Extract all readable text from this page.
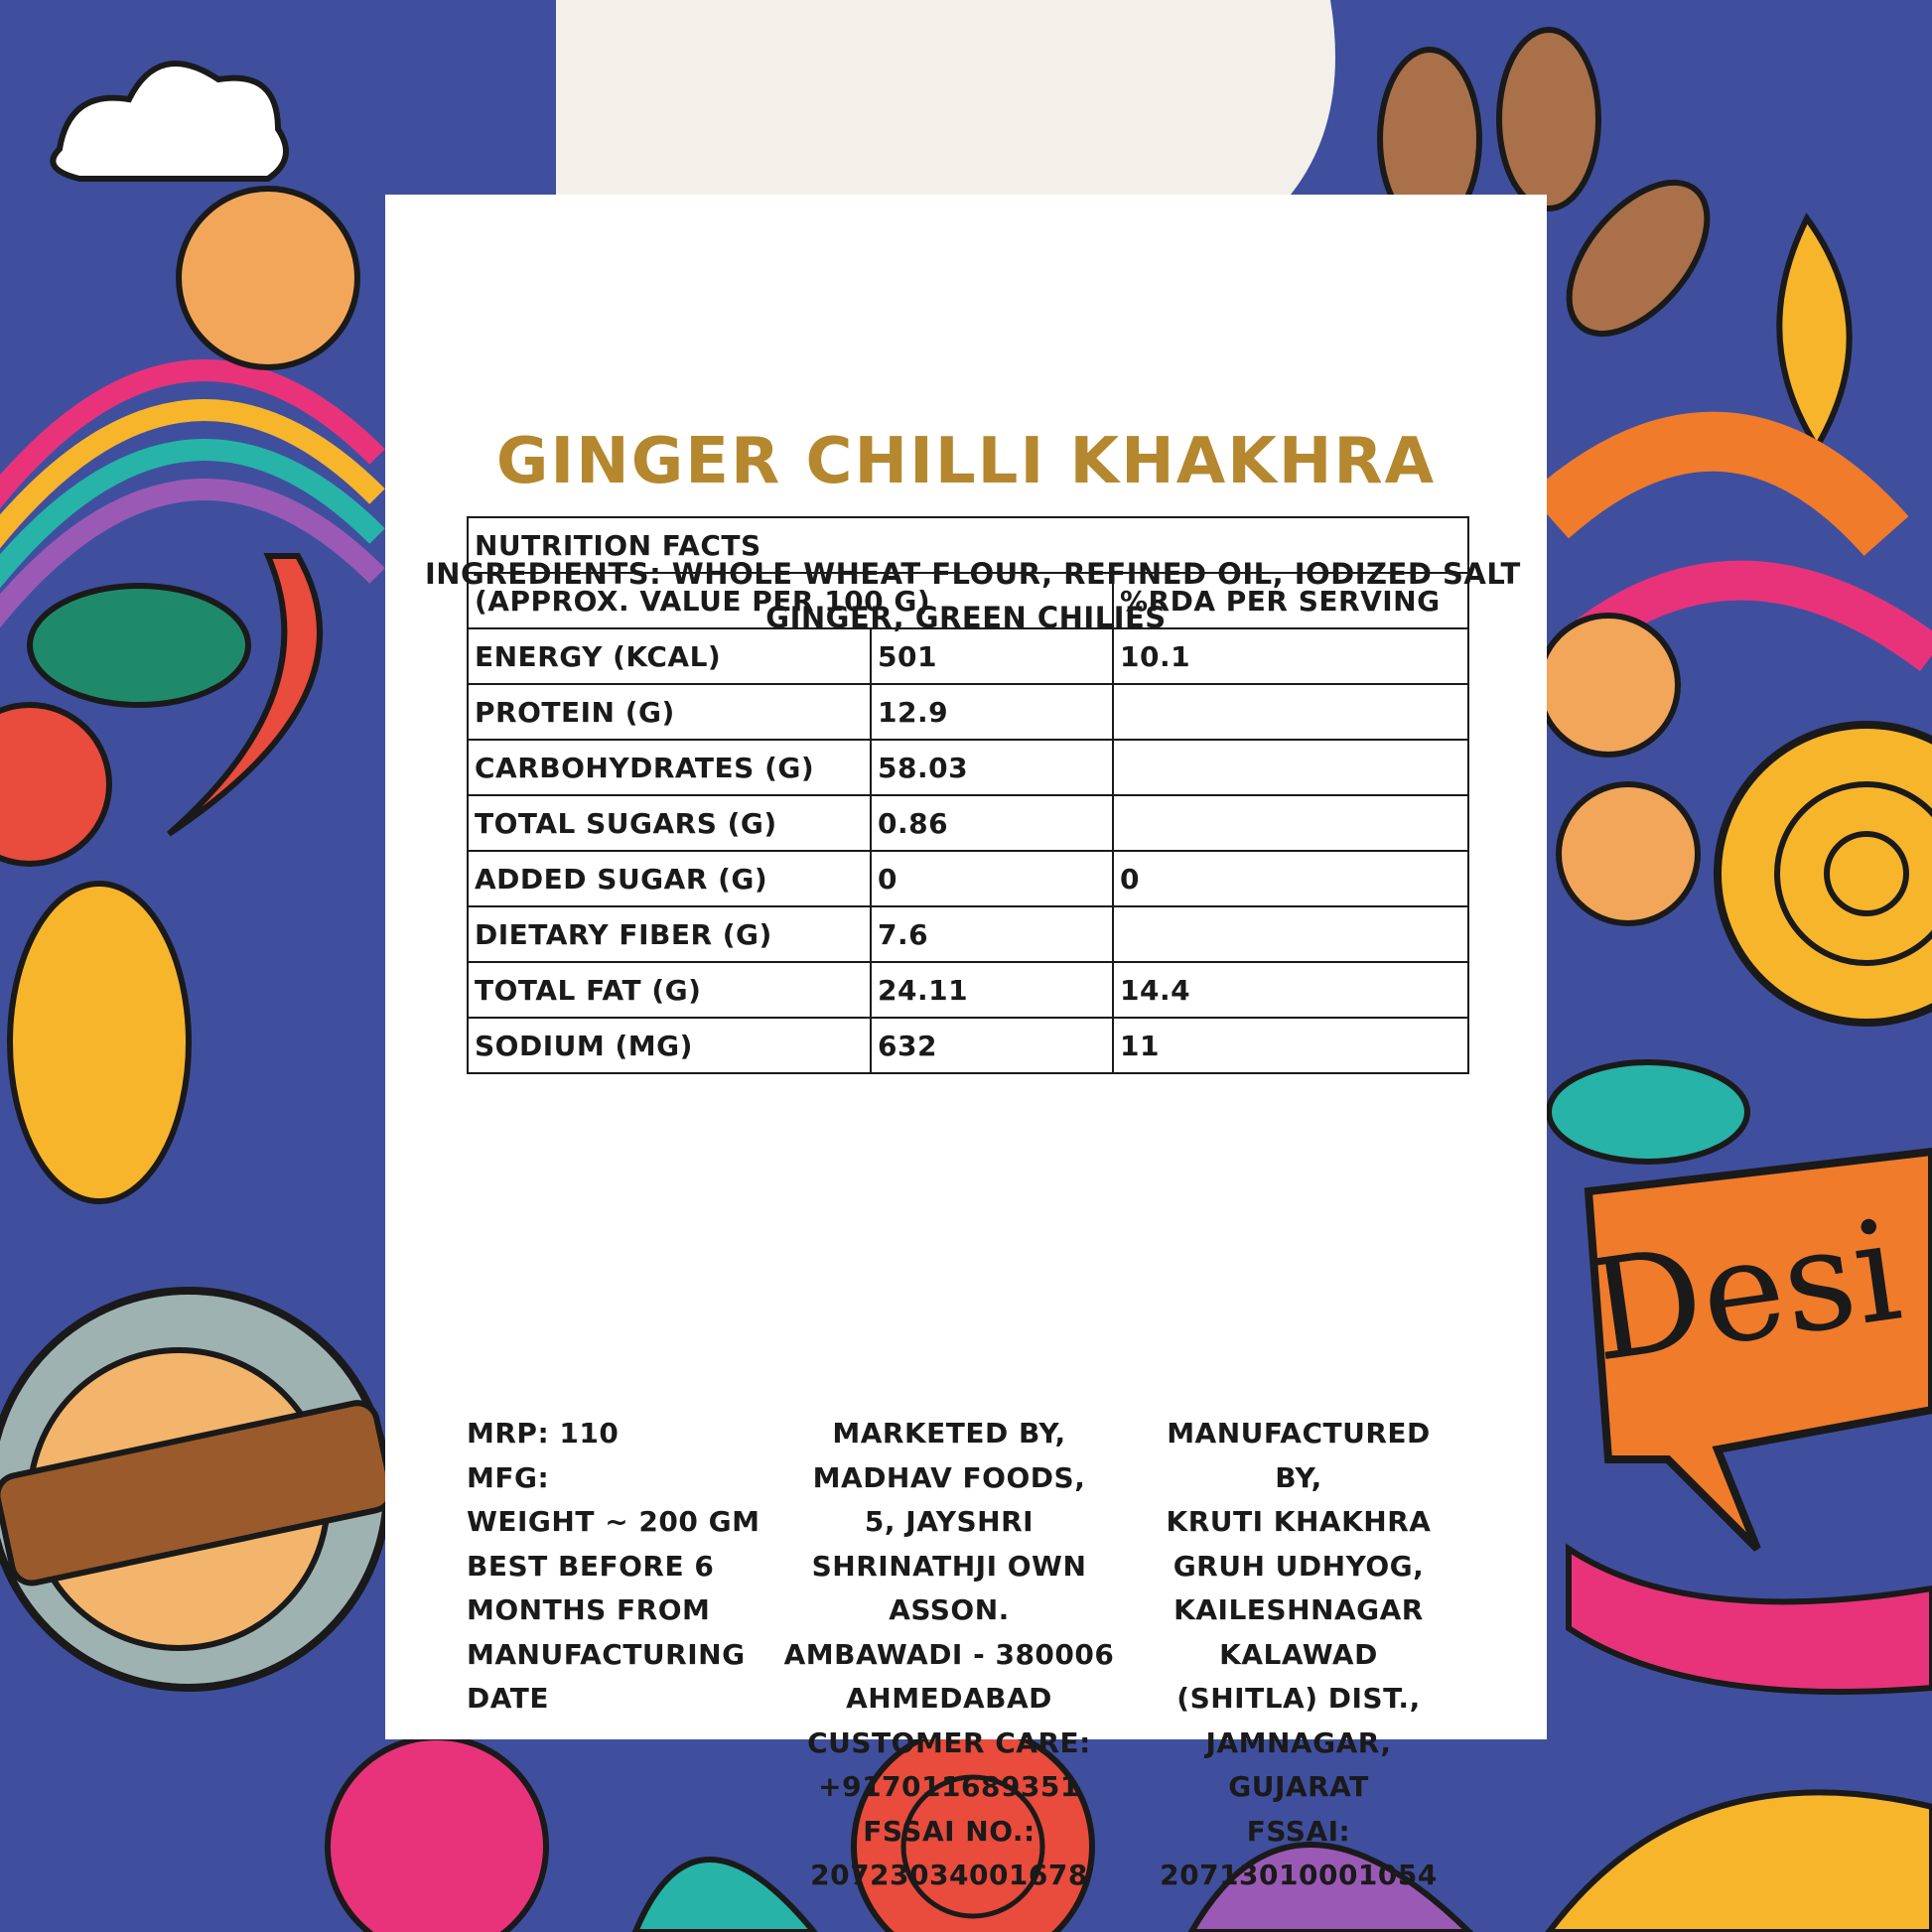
Desi
GINGER CHILLI KHAKHRA
INGREDIENTS: WHOLE WHEAT FLOUR, REFINED OIL, IODIZED SALT
GINGER, GREEN CHILIES
NUTRITION FACTS		
(APPROX. VALUE PER 100 G)		%RDA PER SERVING
ENERGY (KCAL)	501	10.1
PROTEIN (G)	12.9	
CARBOHYDRATES (G)	58.03	
TOTAL SUGARS (G)	0.86	
ADDED SUGAR (G)	0	0
DIETARY FIBER (G)	7.6	
TOTAL FAT (G)	24.11	14.4
SODIUM (MG)	632	11
MRP: 110
MFG:
WEIGHT ~ 200 GM
BEST BEFORE 6
MONTHS FROM
MANUFACTURING
DATE
MARKETED BY,
MADHAV FOODS,
5, JAYSHRI
SHRINATHJI OWN
ASSON.
AMBAWADI - 380006
AHMEDABAD
CUSTOMER CARE:
+917011689351
FSSAI NO.:
20723034001678
MANUFACTURED
BY,
KRUTI KHAKHRA
GRUH UDHYOG,
KAILESHNAGAR
KALAWAD
(SHITLA) DIST.,
JAMNAGAR,
GUJARAT
FSSAI:
20713010001054
